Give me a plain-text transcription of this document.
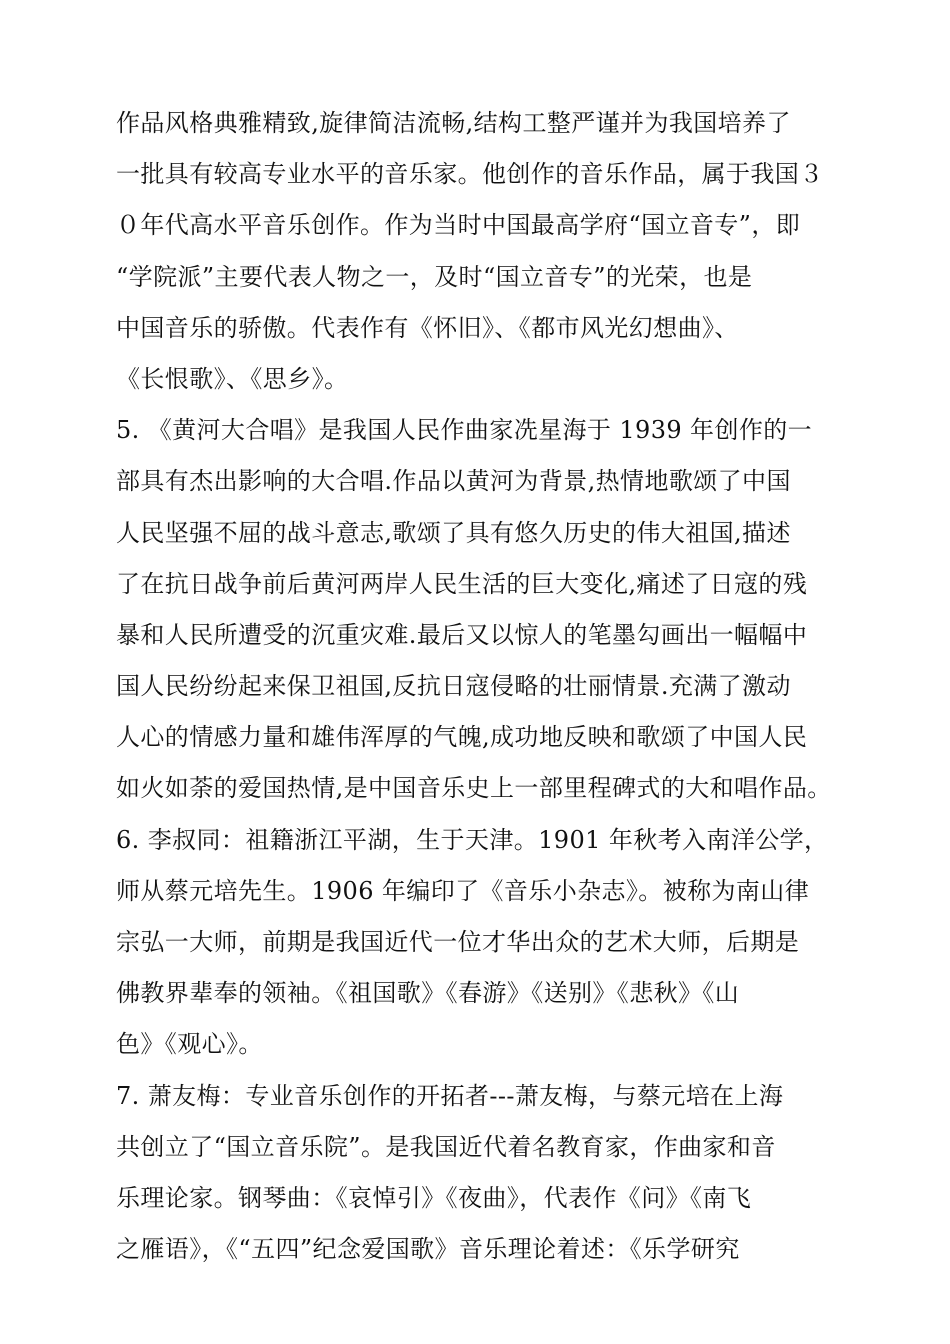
作品风格典雅精致,旋律简洁流畅,结构工整严谨并为我国培养了
一批具有较高专业水平的音乐家。他创作的音乐作品，属于我国３
０年代高水平音乐创作。作为当时中国最高学府“国立音专”，即
“学院派”主要代表人物之一，及时“国立音专”的光荣，也是
中国音乐的骄傲。代表作有《怀旧》、《都市风光幻想曲》、
《长恨歌》、《思乡》。
5. 《黄河大合唱》是我国人民作曲家冼星海于 1939 年创作的一
部具有杰出影响的大合唱.作品以黄河为背景,热情地歌颂了中国
人民坚强不屈的战斗意志,歌颂了具有悠久历史的伟大祖国,描述
了在抗日战争前后黄河两岸人民生活的巨大变化,痛述了日寇的残
暴和人民所遭受的沉重灾难.最后又以惊人的笔墨勾画出一幅幅中
国人民纷纷起来保卫祖国,反抗日寇侵略的壮丽情景.充满了激动
人心的情感力量和雄伟浑厚的气魄,成功地反映和歌颂了中国人民
如火如荼的爱国热情,是中国音乐史上一部里程碑式的大和唱作品。
6. 李叔同：祖籍浙江平湖，生于天津。1901 年秋考入南洋公学，
师从蔡元培先生。1906 年编印了《音乐小杂志》。被称为南山律
宗弘一大师，前期是我国近代一位才华出众的艺术大师，后期是
佛教界辈奉的领袖。《祖国歌》《春游》《送别》《悲秋》《山
色》《观心》。
7. 萧友梅：专业音乐创作的开拓者---萧友梅，与蔡元培在上海
共创立了“国立音乐院”。是我国近代着名教育家，作曲家和音
乐理论家。钢琴曲：《哀悼引》《夜曲》，代表作《问》《南飞
之雁语》，《“五四”纪念爱国歌》音乐理论着述：《乐学研究
